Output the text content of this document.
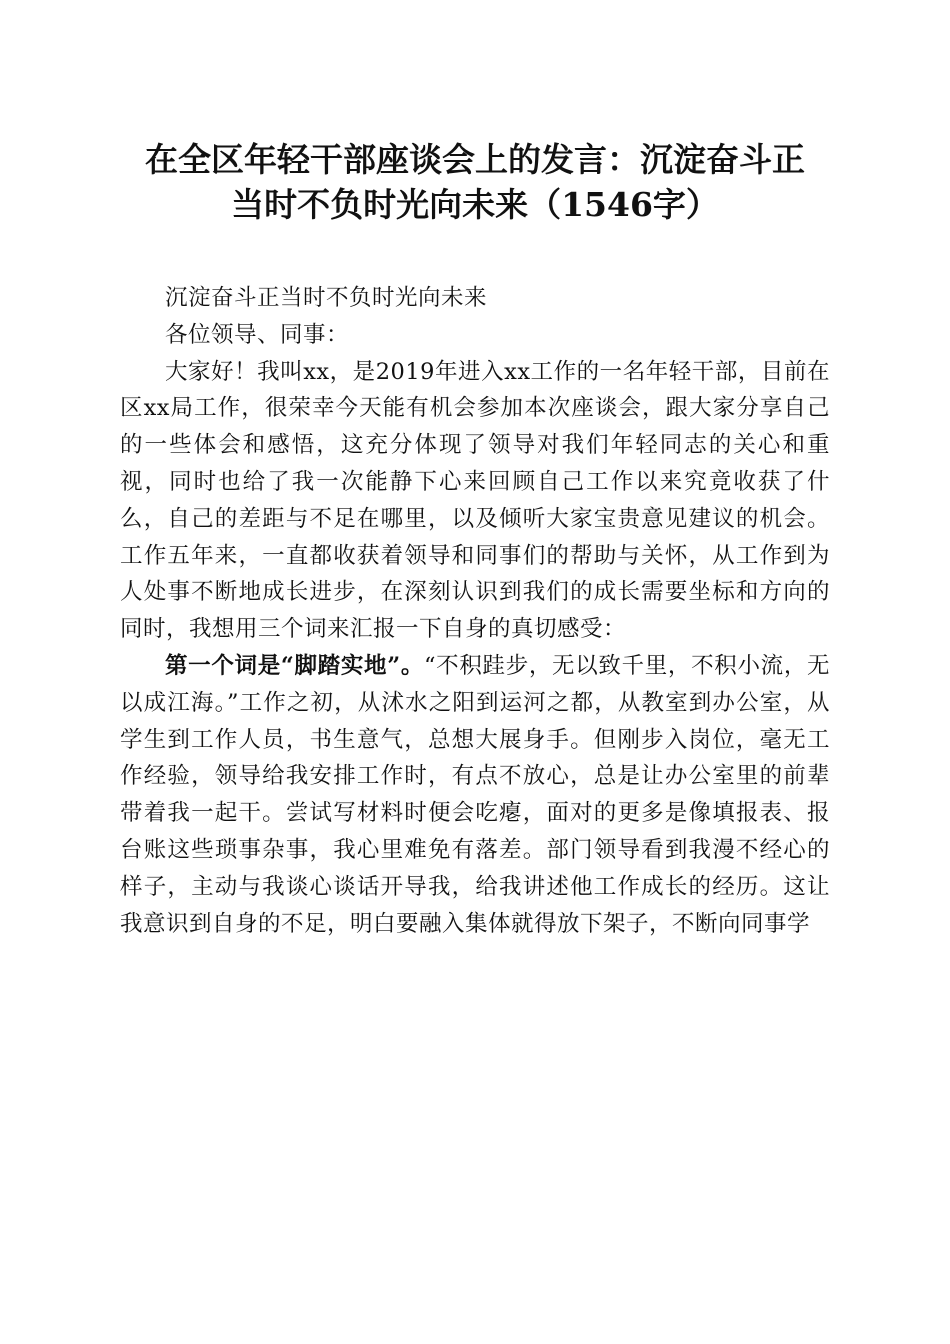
在全区年轻干部座谈会上的发言：沉淀奋斗正
当时不负时光向未来（1546字）

沉淀奋斗正当时不负时光向未来

各位领导、同事：

大家好！我叫xx，是2019年进入xx工作的一名年轻干部，目前在区xx局工作，很荣幸今天能有机会参加本次座谈会，跟大家分享自己的一些体会和感悟，这充分体现了领导对我们年轻同志的关心和重视，同时也给了我一次能静下心来回顾自己工作以来究竟收获了什么，自己的差距与不足在哪里，以及倾听大家宝贵意见建议的机会。工作五年来，一直都收获着领导和同事们的帮助与关怀，从工作到为人处事不断地成长进步，在深刻认识到我们的成长需要坐标和方向的同时，我想用三个词来汇报一下自身的真切感受：

第一个词是“脚踏实地”。“不积跬步，无以致千里，不积小流，无以成江海。”工作之初，从沭水之阳到运河之都，从教室到办公室，从学生到工作人员，书生意气，总想大展身手。但刚步入岗位，毫无工作经验，领导给我安排工作时，有点不放心，总是让办公室里的前辈带着我一起干。尝试写材料时便会吃瘪，面对的更多是像填报表、报台账这些琐事杂事，我心里难免有落差。部门领导看到我漫不经心的样子，主动与我谈心谈话开导我，给我讲述他工作成长的经历。这让我意识到自身的不足，明白要融入集体就得放下架子，不断向同事学
